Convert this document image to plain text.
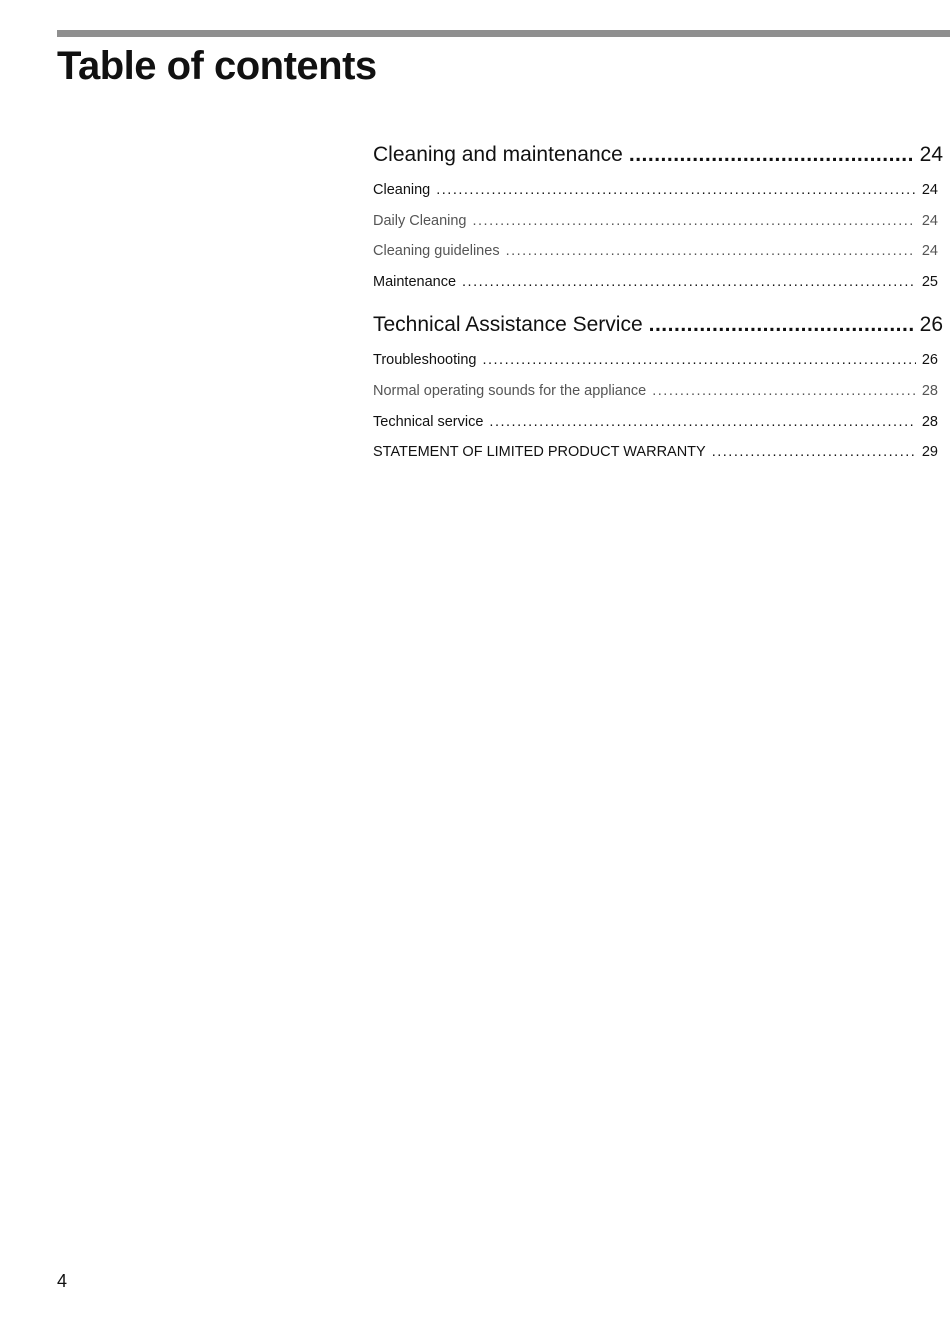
Table of contents
Cleaning and maintenance .....	24
Cleaning .....	24
Daily Cleaning .....	24
Cleaning guidelines .....	24
Maintenance .....	25
Technical Assistance Service .....	26
Troubleshooting .....	26
Normal operating sounds for the appliance .....	28
Technical service .....	28
STATEMENT OF LIMITED PRODUCT WARRANTY .....	29
4
